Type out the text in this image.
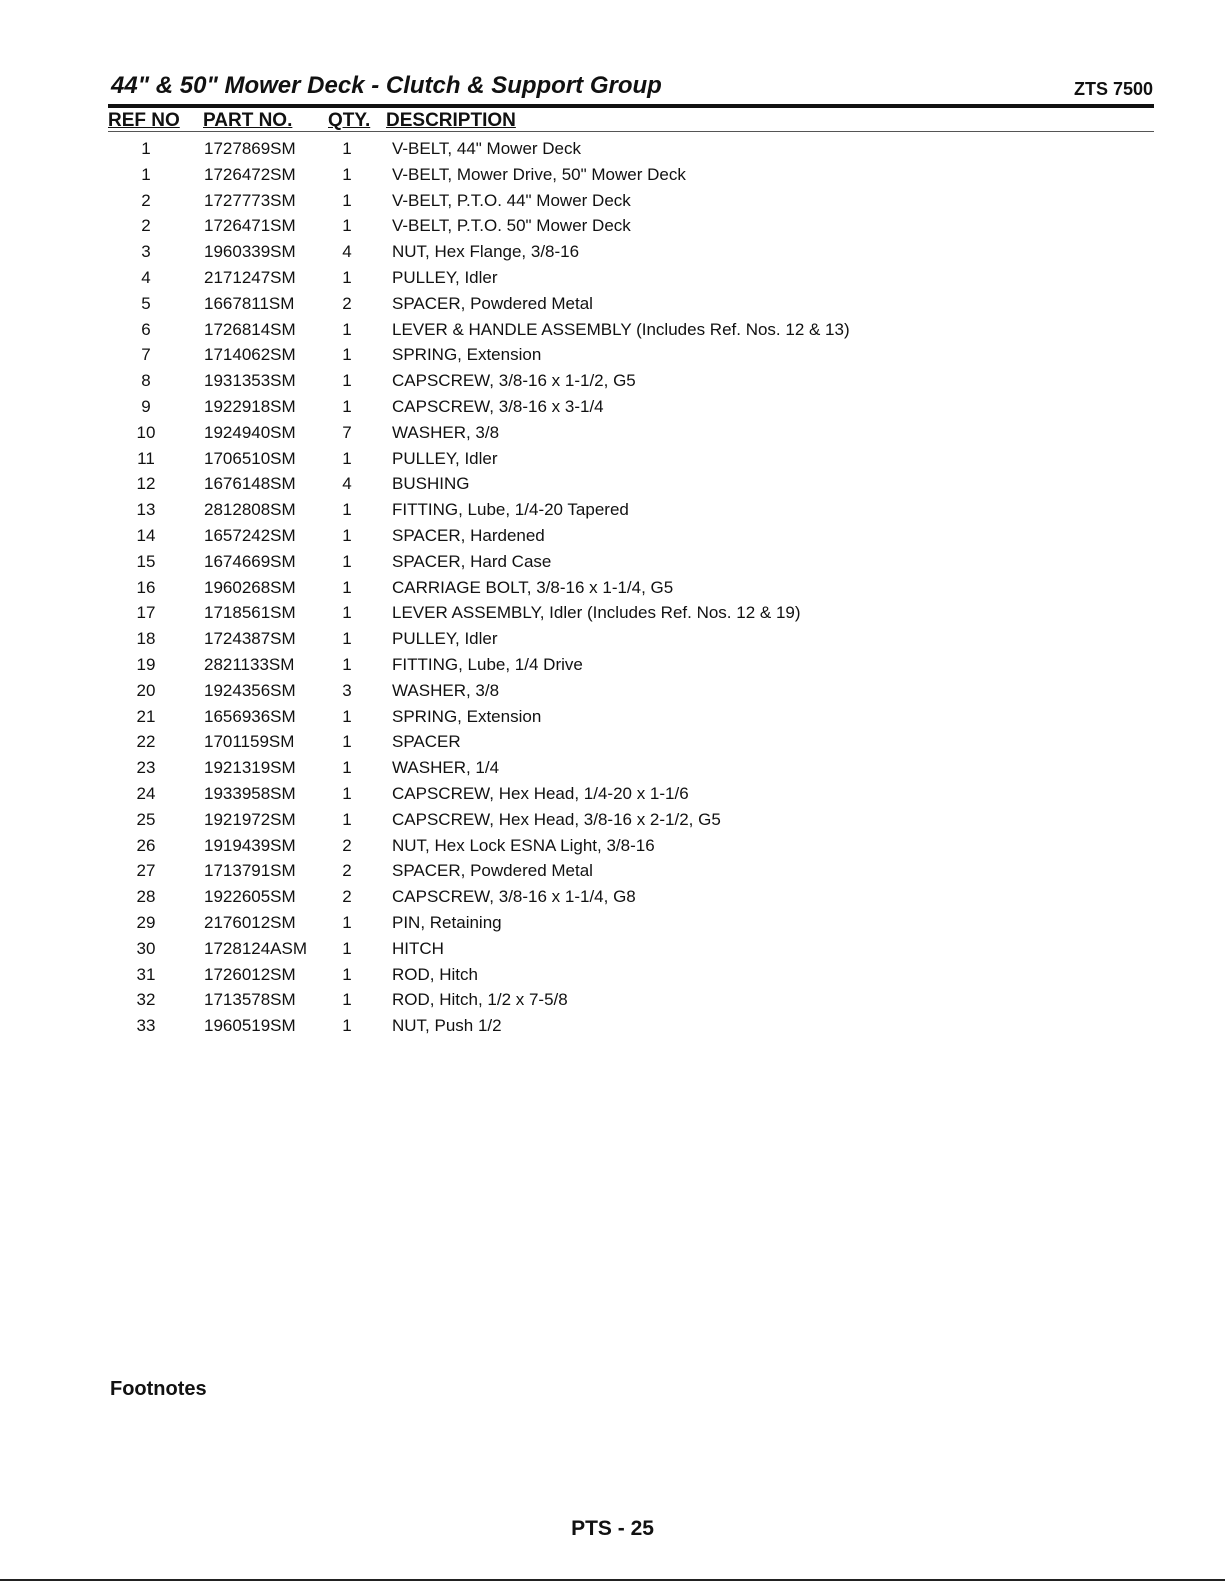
44" & 50" Mower Deck - Clutch & Support Group	ZTS 7500
REF NO PART NO. QTY. DESCRIPTION
1	1727869SM	1 V-BELT, 44" Mower Deck
1	1726472SM	1 V-BELT, Mower Drive, 50" Mower Deck
2	1727773SM	1 V-BELT, P.T.O. 44" Mower Deck
2	1726471SM	1 V-BELT, P.T.O. 50" Mower Deck
3	1960339SM	4 NUT, Hex Flange, 3/8-16
4	2171247SM	1 PULLEY, Idler
5	1667811SM	2 SPACER, Powdered Metal
6	1726814SM	1 LEVER & HANDLE ASSEMBLY (Includes Ref. Nos. 12 & 13)
7	1714062SM	1 SPRING, Extension
8	1931353SM	1 CAPSCREW, 3/8-16 x 1-1/2, G5
9	1922918SM	1 CAPSCREW, 3/8-16 x 3-1/4
10	1924940SM	7 WASHER, 3/8
11	1706510SM	1 PULLEY, Idler
12	1676148SM	4 BUSHING
13	2812808SM	1 FITTING, Lube, 1/4-20 Tapered
14	1657242SM	1 SPACER, Hardened
15	1674669SM	1 SPACER, Hard Case
16	1960268SM	1 CARRIAGE BOLT, 3/8-16 x 1-1/4, G5
17	1718561SM	1 LEVER ASSEMBLY, Idler (Includes Ref. Nos. 12 & 19)
18	1724387SM	1 PULLEY, Idler
19	2821133SM	1 FITTING, Lube, 1/4 Drive
20	1924356SM	3 WASHER, 3/8
21	1656936SM	1 SPRING, Extension
22	1701159SM	1 SPACER
23	1921319SM	1 WASHER, 1/4
24	1933958SM	1 CAPSCREW, Hex Head, 1/4-20 x 1-1/6
25	1921972SM	1 CAPSCREW, Hex Head, 3/8-16 x 2-1/2, G5
26	1919439SM	2 NUT, Hex Lock ESNA Light, 3/8-16
27	1713791SM	2 SPACER, Powdered Metal
28	1922605SM	2 CAPSCREW, 3/8-16 x 1-1/4, G8
29	2176012SM	1 PIN, Retaining
30	1728124ASM 1 HITCH
31	1726012SM	1 ROD, Hitch
32	1713578SM	1 ROD, Hitch, 1/2 x 7-5/8
33	1960519SM	1 NUT, Push 1/2
Footnotes
PTS - 25
